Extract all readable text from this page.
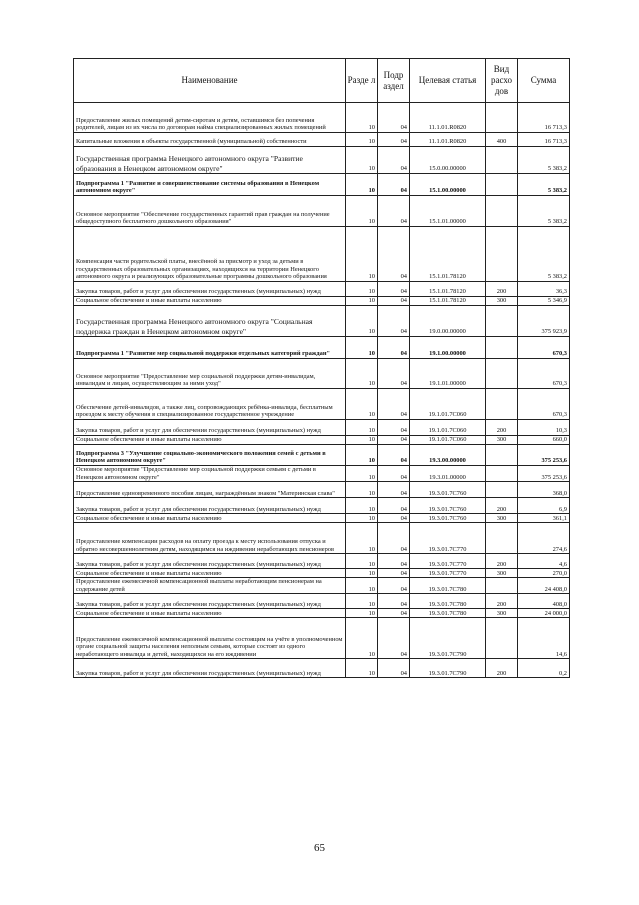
Наименование	Разде л	Подр аздел	Целевая статья	Вид расхо дов	Сумма
Предоставление жилых помещений детям-сиротам и детям, оставшимся без попечения родителей, лицам из их числа по договорам найма специализированных жилых помещений	10	04	11.1.01.R0820		16 713,3
Капитальные вложения в объекты государственной (муниципальной) собственности	10	04	11.1.01.R0820	400	16 713,3
Государственная программа Ненецкого автономного округа "Развитие образования в Ненецком автономном округе"	10	04	15.0.00.00000		5 383,2
Подпрограмма 1 "Развитие и совершенствование системы образования в Ненецком автономном округе"	10	04	15.1.00.00000		5 383,2
Основное мероприятие "Обеспечение государственных гарантий прав граждан на получение общедоступного бесплатного дошкольного образования"	10	04	15.1.01.00000		5 383,2
Компенсация части родительской платы, внесённой за присмотр и уход за детьми в государственных образовательных организациях, находящихся на территории Ненецкого автономного округа и реализующих образовательные программы дошкольного образования	10	04	15.1.01.78120		5 383,2
Закупка товаров, работ и услуг для обеспечения государственных (муниципальных) нужд	10	04	15.1.01.78120	200	36,3
Социальное обеспечение и иные выплаты населению	10	04	15.1.01.78120	300	5 346,9
Государственная программа Ненецкого автономного округа "Социальная поддержка граждан в Ненецком автономном округе"	10	04	19.0.00.00000		375 923,9
Подпрограмма 1 "Развитие мер социальной поддержки отдельных категорий граждан"	10	04	19.1.00.00000		670,3
Основное мероприятие "Предоставление мер социальной поддержки детям-инвалидам, инвалидам и лицам, осуществляющим за ними уход"	10	04	19.1.01.00000		670,3
Обеспечение детей-инвалидов, а также лиц, сопровождающих ребёнка-инвалида, бесплатным проездом к месту обучения в специализированное государственное учреждение	10	04	19.1.01.7С060		670,3
Закупка товаров, работ и услуг для обеспечения государственных (муниципальных) нужд	10	04	19.1.01.7С060	200	10,3
Социальное обеспечение и иные выплаты населению	10	04	19.1.01.7С060	300	660,0
Подпрограмма 3 "Улучшение социально-экономического положения семей с детьми в Ненецком автономном округе"	10	04	19.3.00.00000		375 253,6
Основное мероприятие "Предоставление мер социальной поддержки семьям с детьми в Ненецком автономном округе"	10	04	19.3.01.00000		375 253,6
Предоставление единовременного пособия лицам, награждённым знаком "Материнская слава"	10	04	19.3.01.7С760		368,0
Закупка товаров, работ и услуг для обеспечения государственных (муниципальных) нужд	10	04	19.3.01.7С760	200	6,9
Социальное обеспечение и иные выплаты населению	10	04	19.3.01.7С760	300	361,1
Предоставление компенсации расходов на оплату проезда к месту использования отпуска и обратно несовершеннолетним детям, находящимся на иждивении неработающих пенсионеров	10	04	19.3.01.7С770		274,6
Закупка товаров, работ и услуг для обеспечения государственных (муниципальных) нужд	10	04	19.3.01.7С770	200	4,6
Социальное обеспечение и иные выплаты населению	10	04	19.3.01.7С770	300	270,0
Предоставление ежемесячной компенсационной выплаты неработающим пенсионерам на содержание детей	10	04	19.3.01.7С780		24 408,0
Закупка товаров, работ и услуг для обеспечения государственных (муниципальных) нужд	10	04	19.3.01.7С780	200	408,0
Социальное обеспечение и иные выплаты населению	10	04	19.3.01.7С780	300	24 000,0
Предоставление ежемесячной компенсационной выплаты состоящим на учёте в уполномоченном органе социальной защиты населения неполным семьям, которые состоят из одного неработающего инвалида и детей, находящихся на его иждивении	10	04	19.3.01.7С790		14,6
Закупка товаров, работ и услуг для обеспечения государственных (муниципальных) нужд	10	04	19.3.01.7С790	200	0,2
65
